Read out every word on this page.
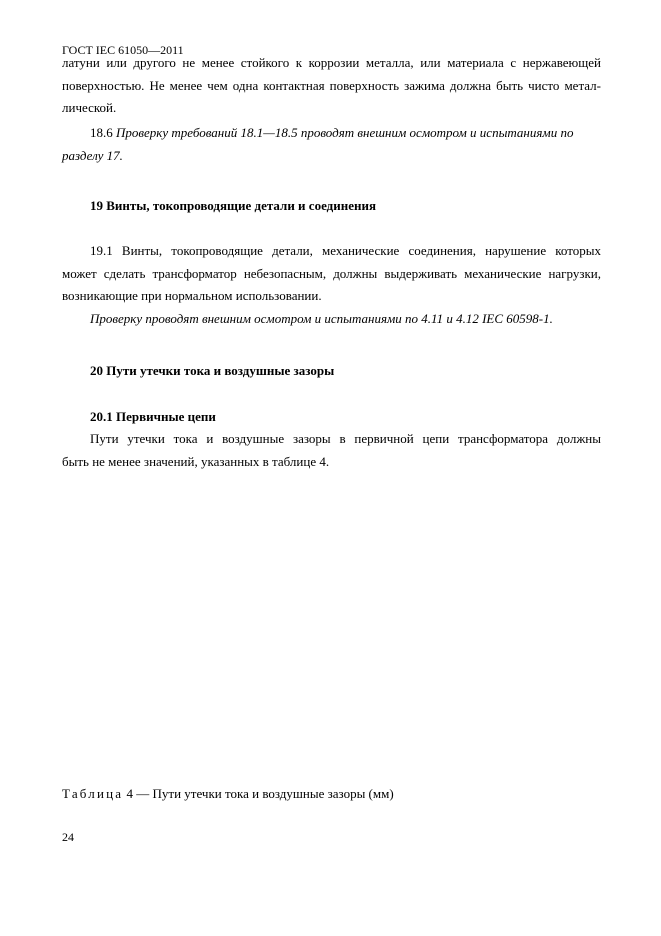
ГОСТ IEC 61050—2011
латуни или другого не менее стойкого к коррозии металла, или материала с нержавеющей
поверхностью. Не менее чем одна контактная поверхность зажима должна быть чисто метал-
лической.
18.6 Проверку требований 18.1—18.5 проводят внешним осмотром и испытаниями по
разделу 17.
19 Винты, токопроводящие детали и соединения
19.1 Винты, токопроводящие детали, механические соединения, нарушение которых
может сделать трансформатор небезопасным, должны выдерживать механические нагрузки,
возникающие при нормальном использовании.
Проверку проводят внешним осмотром и испытаниями по 4.11 и 4.12 IEC 60598-1.
20 Пути утечки тока и воздушные зазоры
20.1 Первичные цепи
Пути утечки тока и воздушные зазоры в первичной цепи трансформатора должны
быть не менее значений, указанных в таблице 4.
Таблица 4 — Пути утечки тока и воздушные зазоры (мм)
24
